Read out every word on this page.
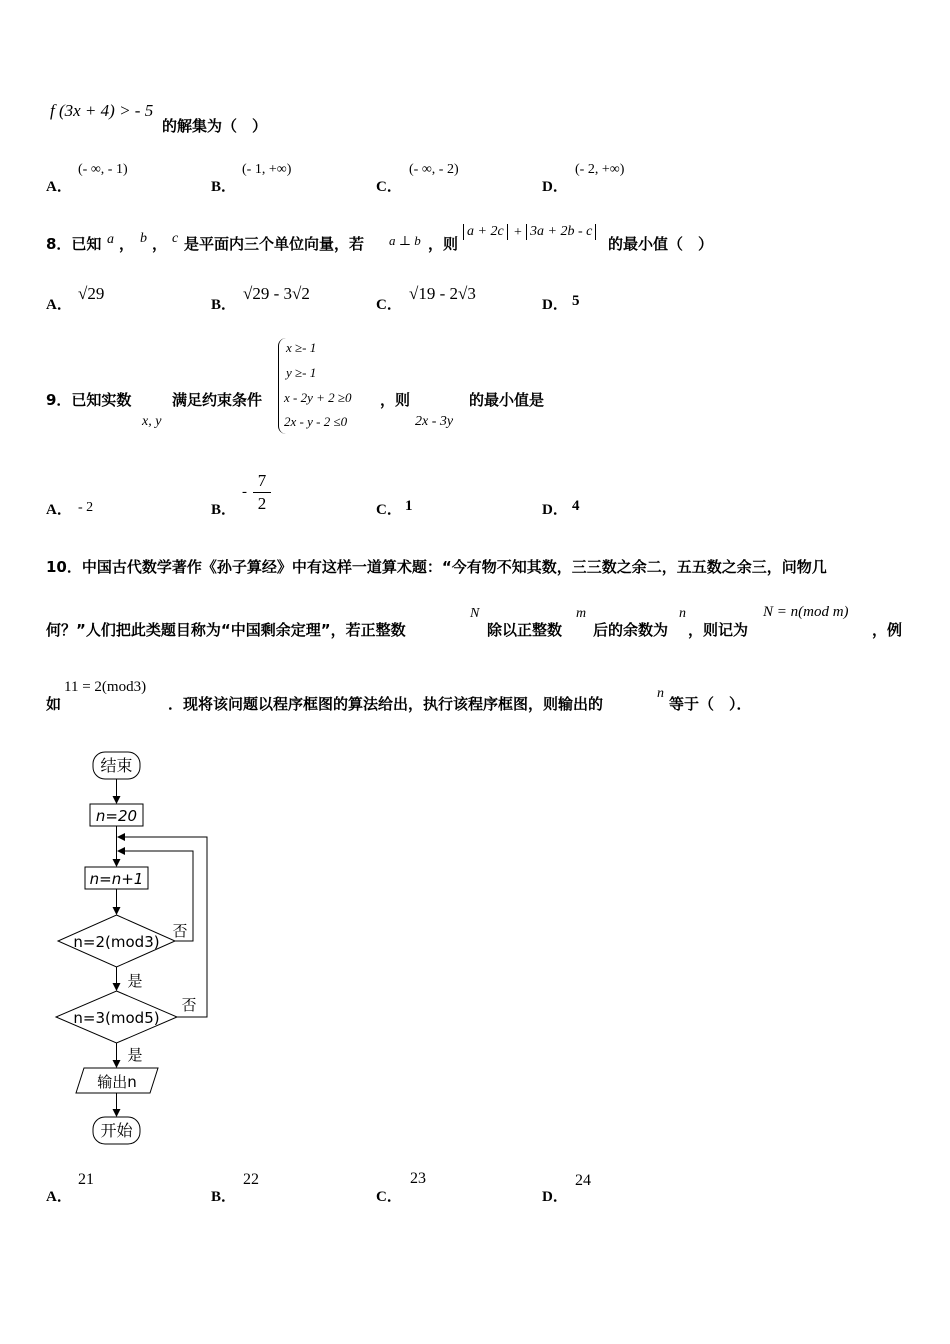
f (3x + 4) > - 5
的解集为（　）
A．
(- ∞, - 1)
B．
(- 1, +∞)
C．
(- ∞, - 2)
D．
(- 2, +∞)
8．已知 a ， b ， c 是平面内三个单位向量，若 a ⊥ b ，则
a + 2c + 3a + 2b - c
的最小值（　）
A．
√29
B．
√29 - 3√2
C．
√19 - 2√3
D． 5
9．已知实数
x, y
满足约束条件
x ≥- 1
y ≥- 1
x - 2y + 2 ≥0
2x - y - 2 ≤0
，则
2x - 3y
的最小值是
A． - 2	B．
-
7
2	C． 1	D． 4
10．中国古代数学著作《孙子算经》中有这样一道算术题：“今有物不知其数，三三数之余二，五五数之余三，问物几
何？”人们把此类题目称为“中国剩余定理”，若正整数
N
除以正整数
m
后的余数为
n
，则记为
N = n(mod m)
，例
如
11 = 2(mod3)
．现将该问题以程序框图的算法给出，执行该程序框图，则输出的
n
等于（　）．
结束
n=20
n=n+1
n=2(mod3)
否
是
n=3(mod5)
否
是
输出n
开始
A．
21
B．
22
C．
23
D．
24
